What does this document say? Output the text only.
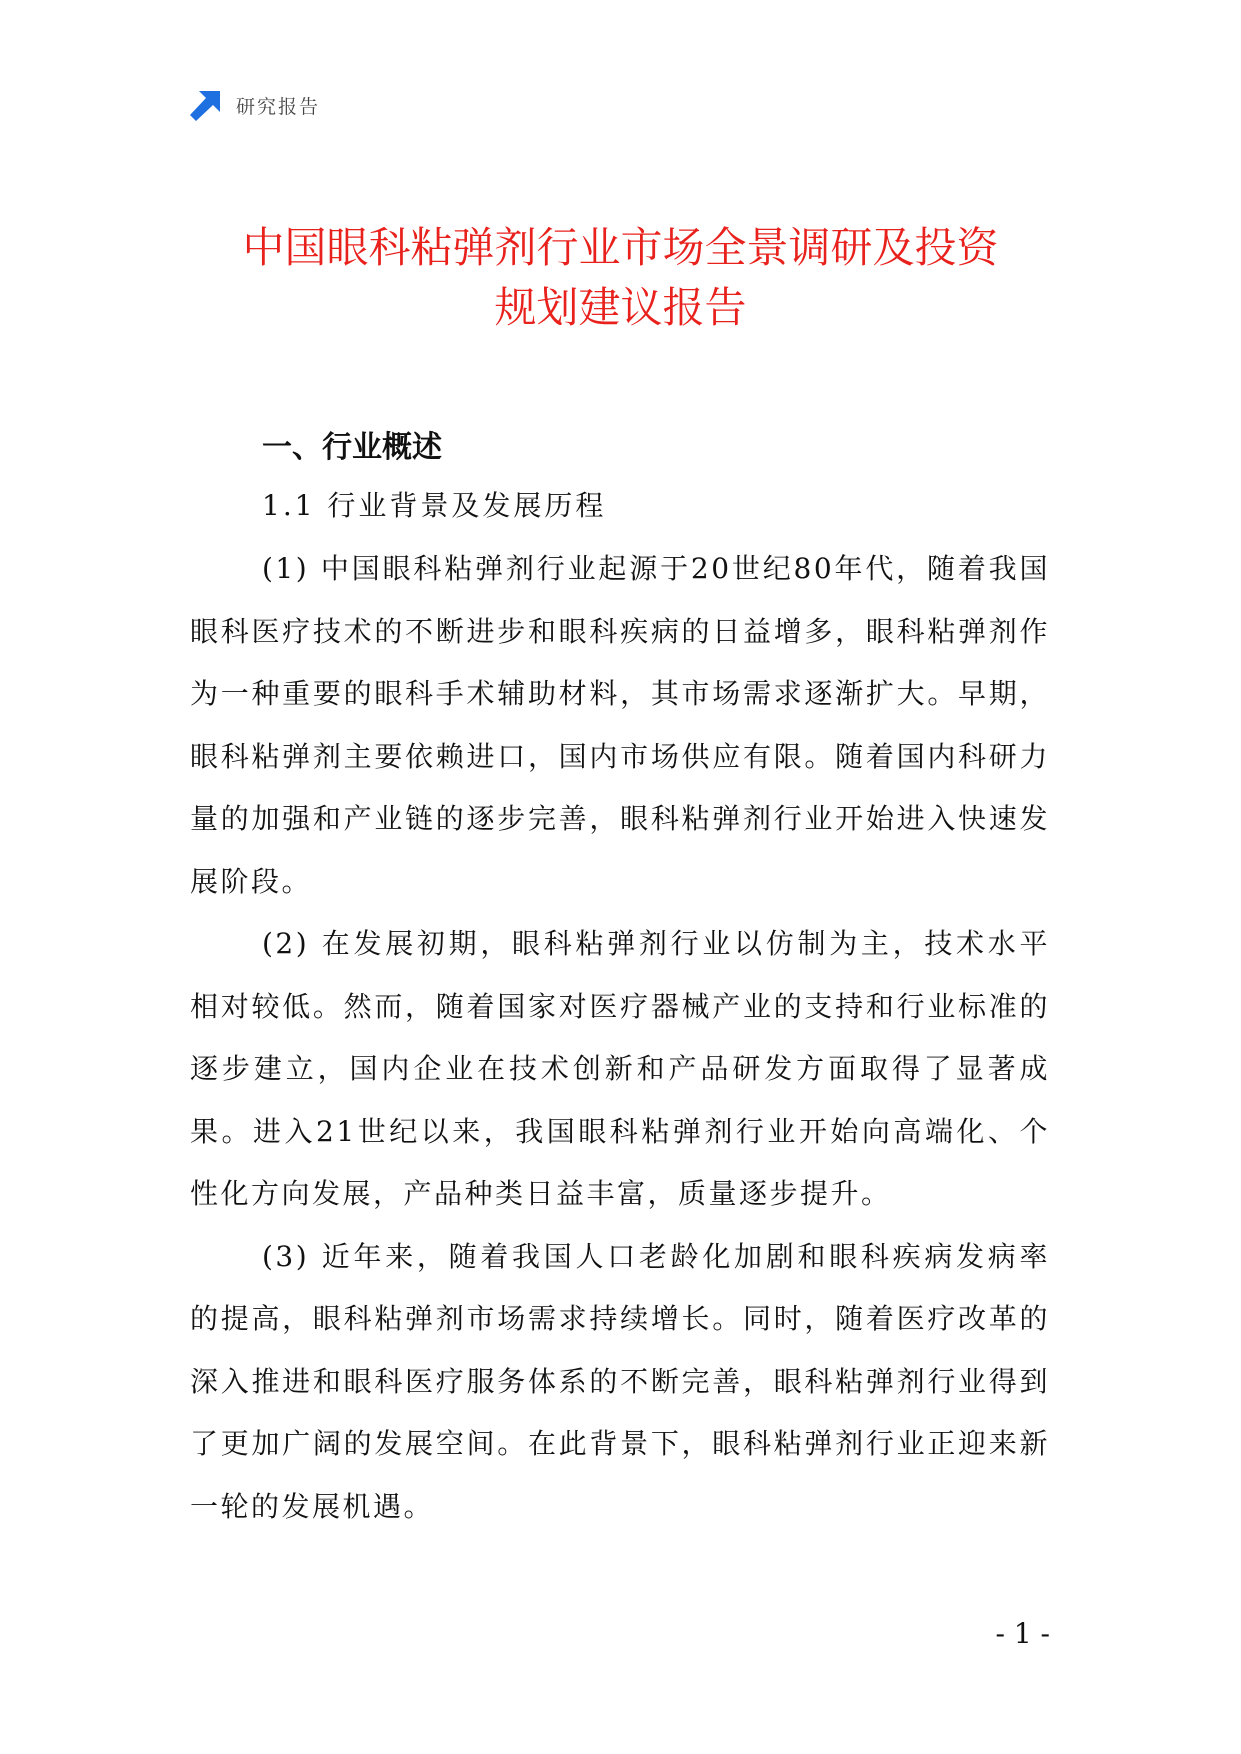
研究报告
中国眼科粘弹剂行业市场全景调研及投资
规划建议报告
一、行业概述
1.1 行业背景及发展历程

(1) 中国眼科粘弹剂行业起源于20世纪80年代，随着我国眼科医疗技术的不断进步和眼科疾病的日益增多，眼科粘弹剂作为一种重要的眼科手术辅助材料，其市场需求逐渐扩大。早期，眼科粘弹剂主要依赖进口，国内市场供应有限。随着国内科研力量的加强和产业链的逐步完善，眼科粘弹剂行业开始进入快速发展阶段。

(2) 在发展初期，眼科粘弹剂行业以仿制为主，技术水平相对较低。然而，随着国家对医疗器械产业的支持和行业标准的逐步建立，国内企业在技术创新和产品研发方面取得了显著成果。进入21世纪以来，我国眼科粘弹剂行业开始向高端化、个性化方向发展，产品种类日益丰富，质量逐步提升。

(3) 近年来，随着我国人口老龄化加剧和眼科疾病发病率的提高，眼科粘弹剂市场需求持续增长。同时，随着医疗改革的深入推进和眼科医疗服务体系的不断完善，眼科粘弹剂行业得到了更加广阔的发展空间。在此背景下，眼科粘弹剂行业正迎来新一轮的发展机遇。

- 1 -
